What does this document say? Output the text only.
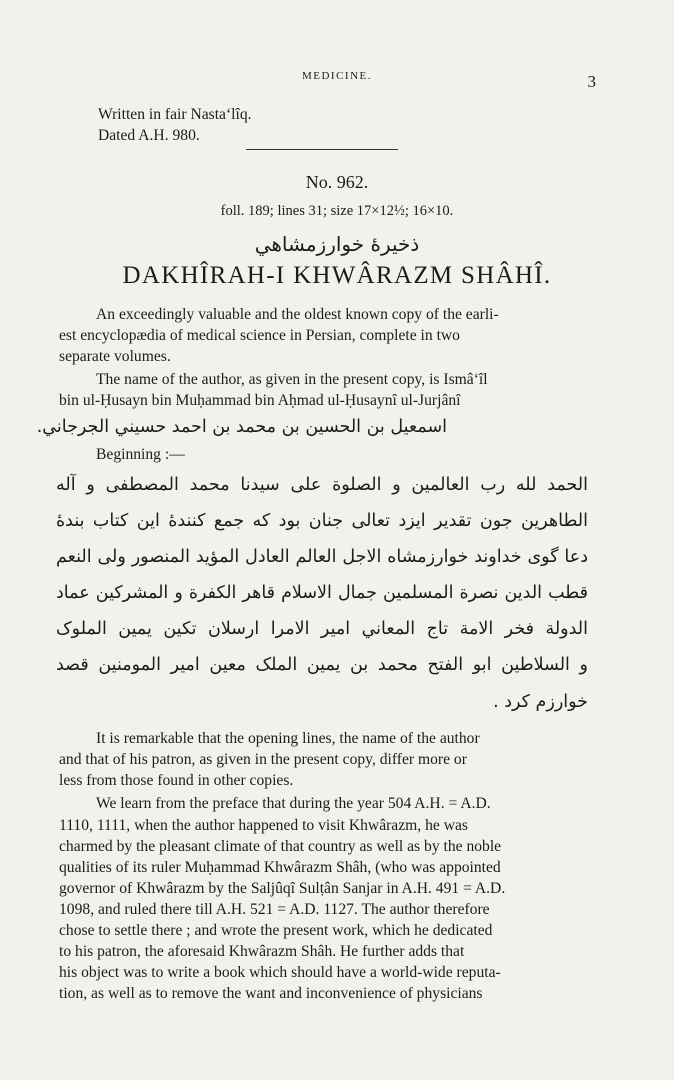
MEDICINE.	3
Written in fair Nasta‘lîq.
Dated A.H. 980.
No. 962.
foll. 189; lines 31; size 17×12½; 16×10.
ذخیرهٔ خوارزمشاهي
DAKHÎRAH-I KHWÂRAZM SHÂHÎ.
An exceedingly valuable and the oldest known copy of the earli-
est encyclopædia of medical science in Persian, complete in two
separate volumes.
The name of the author, as given in the present copy, is Ismâ‘îl
bin ul-Ḥusayn bin Muḥammad bin Aḥmad ul-Ḥusaynî ul-Jurjânî
اسمعیل بن الحسین بن محمد بن احمد حسیني الجرجاني.
Beginning :—
الحمد لله رب العالمین و الصلوة علی سیدنا محمد المصطفی و آله
الطاهرین جون تقدیر ایزد تعالی جنان بود که جمع کنندهٔ این کتاب بندهٔ
دعا گوی خداوند خوارزمشاه الاجل العالم العادل المؤید المنصور ولی النعم
قطب الدین نصرة المسلمین جمال الاسلام قاهر الکفرة و المشرکین عماد
الدولة فخر الامة تاج المعاني امیر الامرا ارسلان تکین یمین الملوک
و السلاطین ابو الفتح محمد بن یمین الملک معین امیر المومنین قصد
خوارزم کرد .
It is remarkable that the opening lines, the name of the author
and that of his patron, as given in the present copy, differ more or
less from those found in other copies.
We learn from the preface that during the year 504 A.H. = A.D.
1110, 1111, when the author happened to visit Khwârazm, he was
charmed by the pleasant climate of that country as well as by the noble
qualities of its ruler Muḥammad Khwârazm Shâh, (who was appointed
governor of Khwârazm by the Saljûqî Sulṭân Sanjar in A.H. 491 = A.D.
1098, and ruled there till A.H. 521 = A.D. 1127. The author therefore
chose to settle there ; and wrote the present work, which he dedicated
to his patron, the aforesaid Khwârazm Shâh. He further adds that
his object was to write a book which should have a world-wide reputa-
tion, as well as to remove the want and inconvenience of physicians
